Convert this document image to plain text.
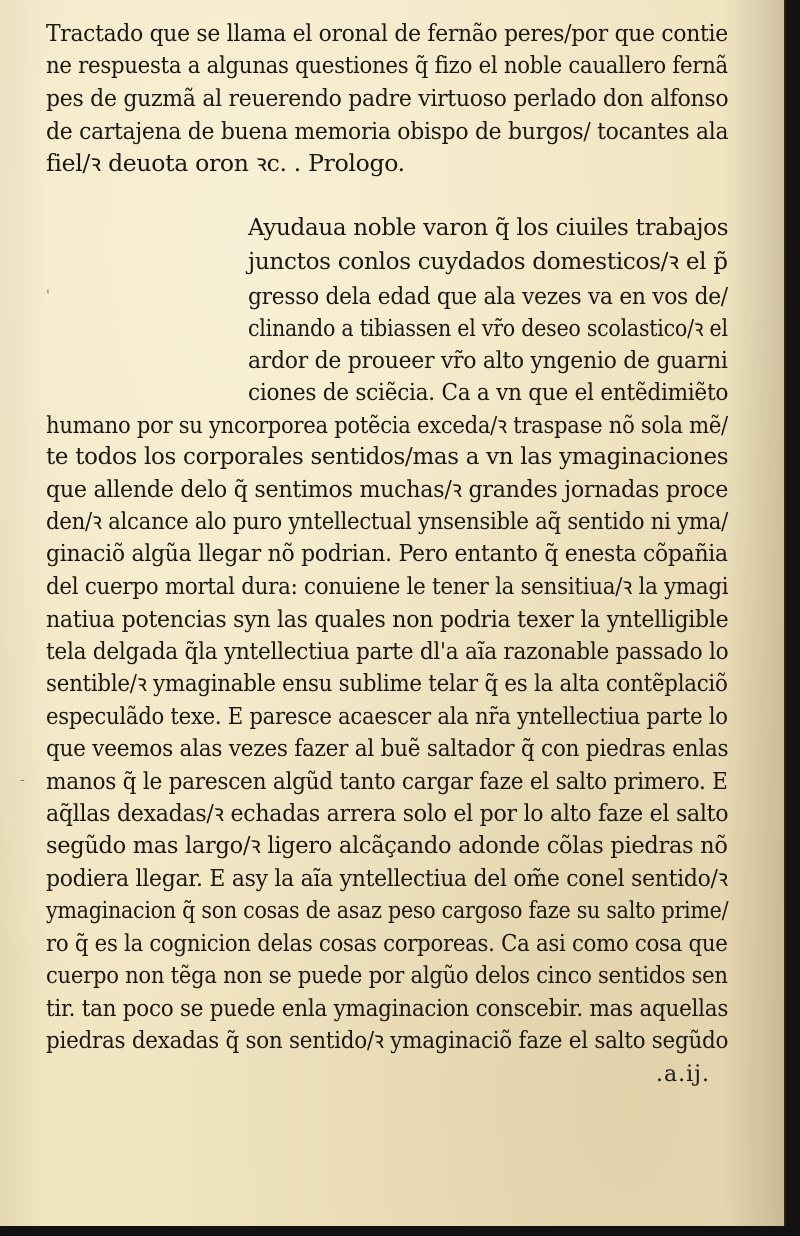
Tractado que se llama el oronal de fernão peres/por que contie
ne respuesta a algunas questiones q̃ fizo el noble cauallero fernã
pes de guzmã al reuerendo padre virtuoso perlado don alfonso
de cartajena de buena memoria obispo de burgos/ tocantes ala
fiel/ꝛ deuota oron ꝛc. . Prologo.
Ayudaua noble varon q̃ los ciuiles trabajos
junctos conlos cuydados domesticos/ꝛ el p̃
gresso dela edad que ala vezes va en vos de/
clinando a tibiassen el vr̃o deseo scolastico/ꝛ el
ardor de proueer vr̃o alto yngenio de guarni
ciones de sciẽcia. Ca a vn que el entẽdimiẽto
humano por su yncorporea potẽcia exceda/ꝛ traspase nõ sola mẽ/
te todos los corporales sentidos/mas a vn las ymaginaciones
que allende delo q̃ sentimos muchas/ꝛ grandes jornadas proce
den/ꝛ alcance alo puro yntellectual ynsensible aq̃ sentido ni yma/
ginaciõ algũa llegar nõ podrian. Pero entanto q̃ enesta cõpañia
del cuerpo mortal dura: conuiene le tener la sensitiua/ꝛ la ymagi
natiua potencias syn las quales non podria texer la yntelligible
tela delgada q̃la yntellectiua parte dl'a aĩa razonable passado lo
sentible/ꝛ ymaginable ensu sublime telar q̃ es la alta contẽplaciõ
especulãdo texe. E paresce acaescer ala nr̃a yntellectiua parte lo
que veemos alas vezes fazer al buẽ saltador q̃ con piedras enlas
manos q̃ le parescen algũd tanto cargar faze el salto primero. E
aq̃llas dexadas/ꝛ echadas arrera solo el por lo alto faze el salto
segũdo mas largo/ꝛ ligero alcãçando adonde cõlas piedras nõ
podiera llegar. E asy la aĩa yntellectiua del om̃e conel sentido/ꝛ
ymaginacion q̃ son cosas de asaz peso cargoso faze su salto prime/
ro q̃ es la cognicion delas cosas corporeas. Ca asi como cosa que
cuerpo non tẽga non se puede por algũo delos cinco sentidos sen
tir. tan poco se puede enla ymaginacion conscebir. mas aquellas
piedras dexadas q̃ son sentido/ꝛ ymaginaciõ faze el salto segũdo
.a.ij.
'
-
